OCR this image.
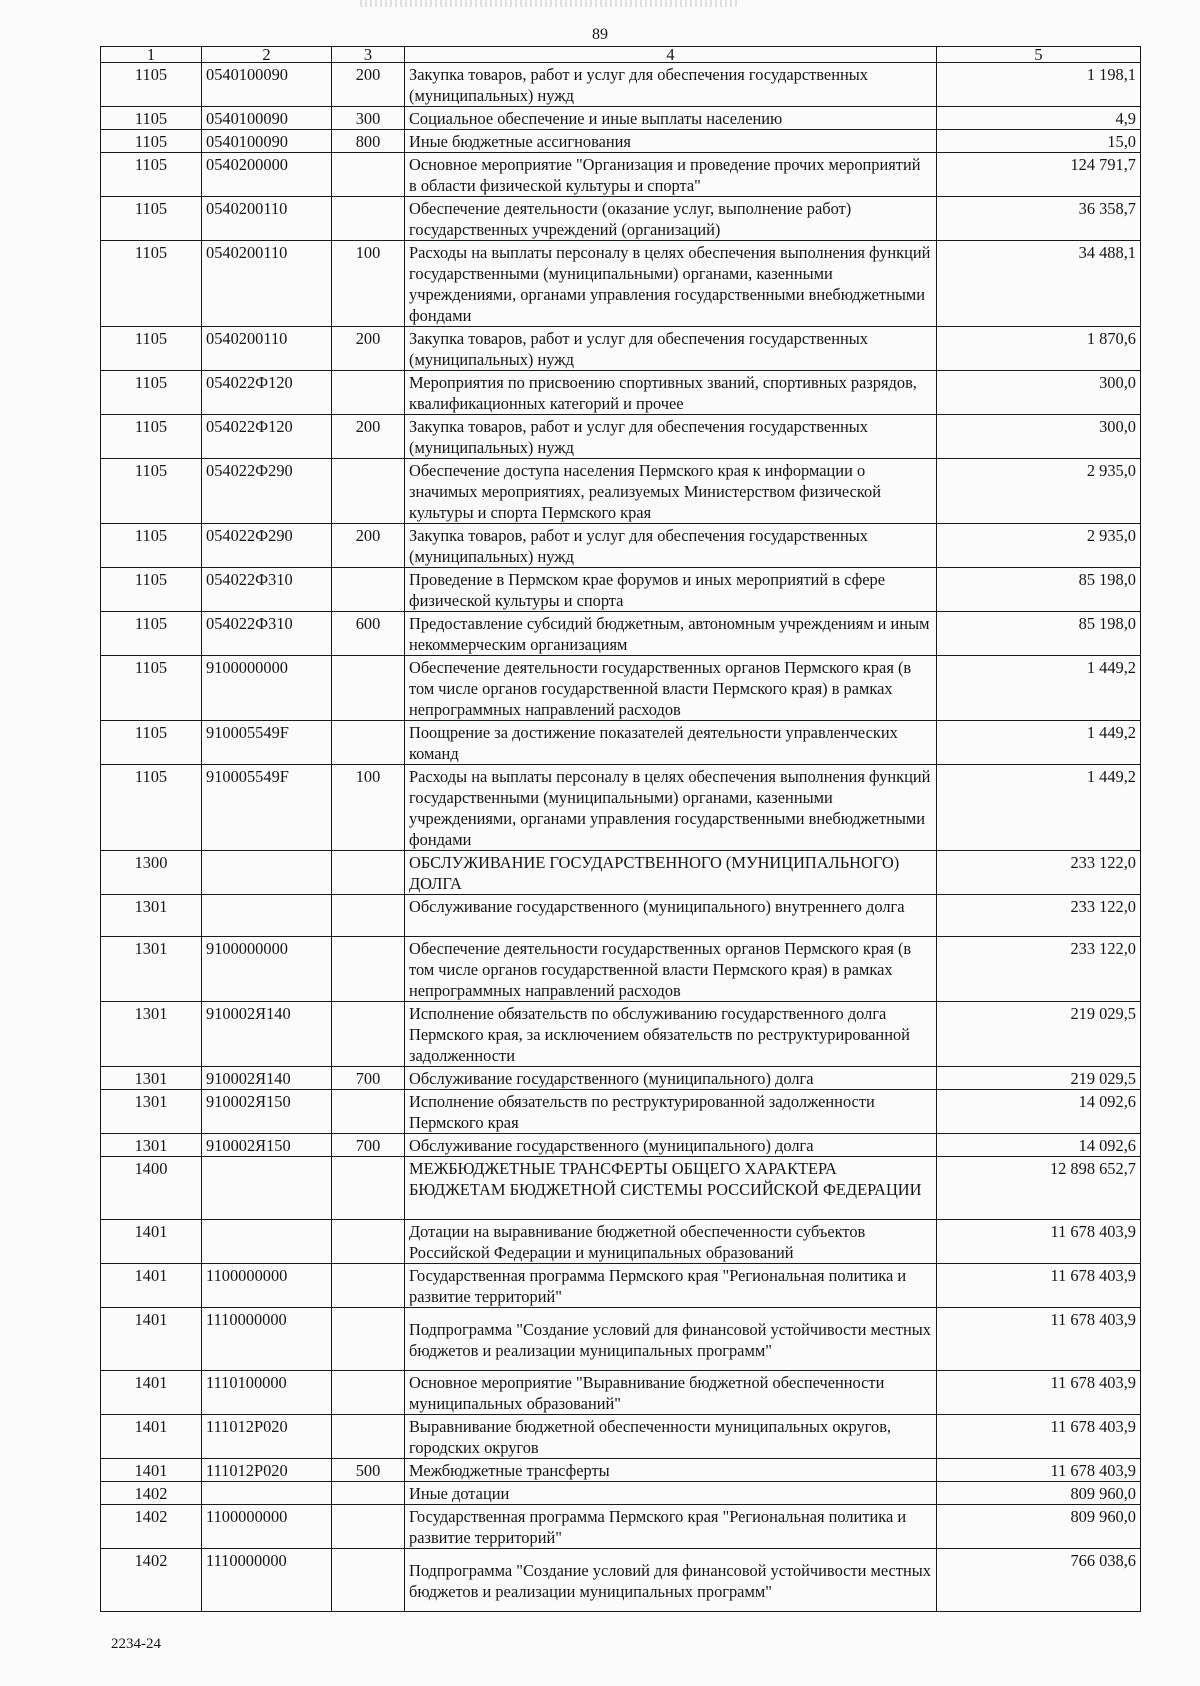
89
1	2	3	4	5
1105	0540100090	200	Закупка товаров, работ и услуг для обеспечения государственных (муниципальных) нужд	1 198,1
1105	0540100090	300	Социальное обеспечение и иные выплаты населению	4,9
1105	0540100090	800	Иные бюджетные ассигнования	15,0
1105	0540200000		Основное мероприятие "Организация и проведение прочих мероприятий в области физической культуры и спорта"	124 791,7
1105	0540200110		Обеспечение деятельности (оказание услуг, выполнение работ) государственных учреждений (организаций)	36 358,7
1105	0540200110	100	Расходы на выплаты персоналу в целях обеспечения выполнения функций государственными (муниципальными) органами, казенными учреждениями, органами управления государственными внебюджетными фондами	34 488,1
1105	0540200110	200	Закупка товаров, работ и услуг для обеспечения государственных (муниципальных) нужд	1 870,6
1105	054022Ф120		Мероприятия по присвоению спортивных званий, спортивных разрядов, квалификационных категорий и прочее	300,0
1105	054022Ф120	200	Закупка товаров, работ и услуг для обеспечения государственных (муниципальных) нужд	300,0
1105	054022Ф290		Обеспечение доступа населения Пермского края к информации о значимых мероприятиях, реализуемых Министерством физической культуры и спорта Пермского края	2 935,0
1105	054022Ф290	200	Закупка товаров, работ и услуг для обеспечения государственных (муниципальных) нужд	2 935,0
1105	054022Ф310		Проведение в Пермском крае форумов и иных мероприятий в сфере физической культуры и спорта	85 198,0
1105	054022Ф310	600	Предоставление субсидий бюджетным, автономным учреждениям и иным некоммерческим организациям	85 198,0
1105	9100000000		Обеспечение деятельности государственных органов Пермского края (в том числе органов государственной власти Пермского края) в рамках непрограммных направлений расходов	1 449,2
1105	910005549F		Поощрение за достижение показателей деятельности управленческих команд	1 449,2
1105	910005549F	100	Расходы на выплаты персоналу в целях обеспечения выполнения функций государственными (муниципальными) органами, казенными учреждениями, органами управления государственными внебюджетными фондами	1 449,2
1300			ОБСЛУЖИВАНИЕ ГОСУДАРСТВЕННОГО (МУНИЦИПАЛЬНОГО) ДОЛГА	233 122,0
1301			Обслуживание государственного (муниципального) внутреннего долга	233 122,0
1301	9100000000		Обеспечение деятельности государственных органов Пермского края (в том числе органов государственной власти Пермского края) в рамках непрограммных направлений расходов	233 122,0
1301	910002Я140		Исполнение обязательств по обслуживанию государственного долга Пермского края, за исключением обязательств по реструктурированной задолженности	219 029,5
1301	910002Я140	700	Обслуживание государственного (муниципального) долга	219 029,5
1301	910002Я150		Исполнение обязательств по реструктурированной задолженности Пермского края	14 092,6
1301	910002Я150	700	Обслуживание государственного (муниципального) долга	14 092,6
1400			МЕЖБЮДЖЕТНЫЕ ТРАНСФЕРТЫ ОБЩЕГО ХАРАКТЕРА БЮДЖЕТАМ БЮДЖЕТНОЙ СИСТЕМЫ РОССИЙСКОЙ ФЕДЕРАЦИИ	12 898 652,7
1401			Дотации на выравнивание бюджетной обеспеченности субъектов Российской Федерации и муниципальных образований	11 678 403,9
1401	1100000000		Государственная программа Пермского края "Региональная политика и развитие территорий"	11 678 403,9
1401	1110000000		Подпрограмма "Создание условий для финансовой устойчивости местных бюджетов и реализации муниципальных программ"	11 678 403,9
1401	1110100000		Основное мероприятие "Выравнивание бюджетной обеспеченности муниципальных образований"	11 678 403,9
1401	111012Р020		Выравнивание бюджетной обеспеченности муниципальных округов, городских округов	11 678 403,9
1401	111012Р020	500	Межбюджетные трансферты	11 678 403,9
1402			Иные дотации	809 960,0
1402	1100000000		Государственная программа Пермского края "Региональная политика и развитие территорий"	809 960,0
1402	1110000000		Подпрограмма "Создание условий для финансовой устойчивости местных бюджетов и реализации муниципальных программ"	766 038,6
2234-24
